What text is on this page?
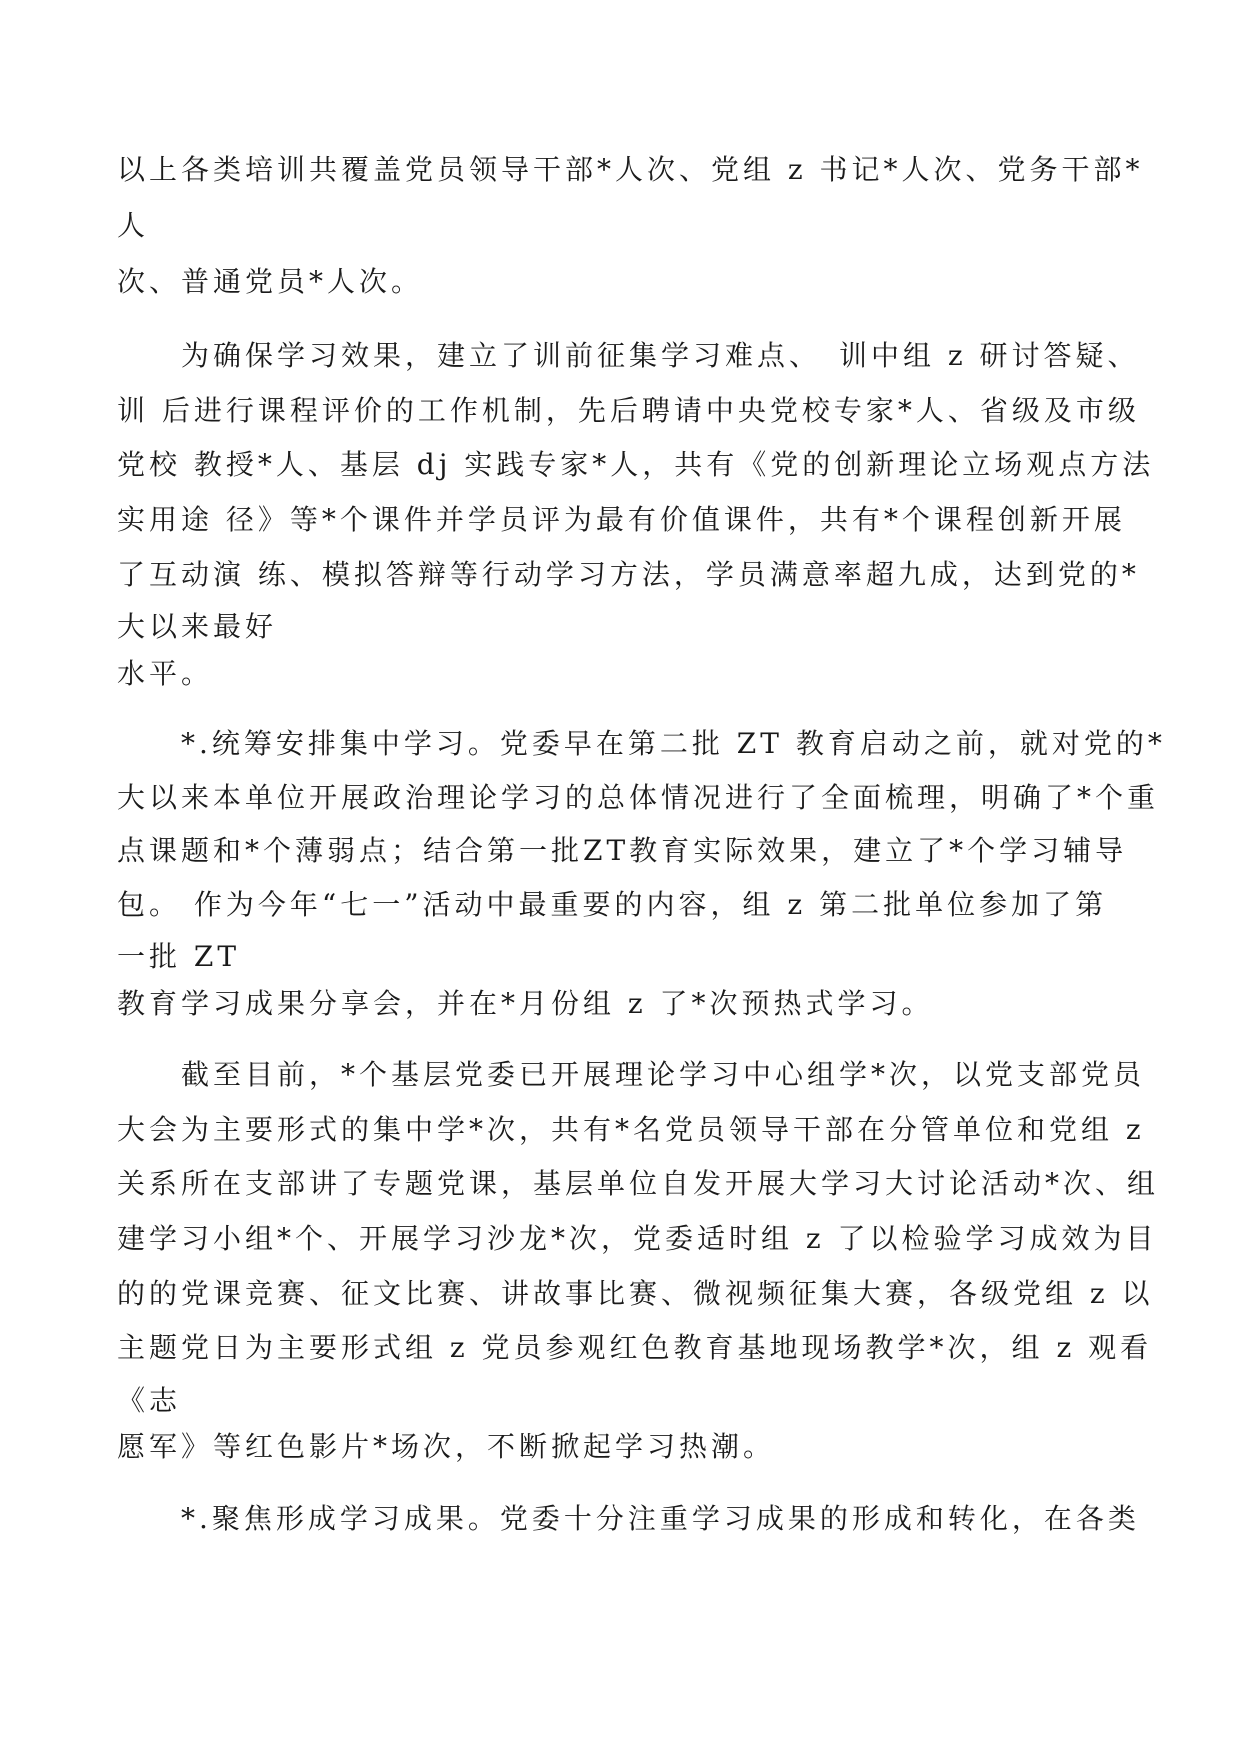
以上各类培训共覆盖党员领导干部*人次、党组 z 书记*人次、党务干部*
人
次、普通党员*人次。
　　为确保学习效果，建立了训前征集学习难点、　训中组 z 研讨答疑、
训 后进行课程评价的工作机制，先后聘请中央党校专家*人、省级及市级
党校 教授*人、基层 dj 实践专家*人，共有《党的创新理论立场观点方法
实用途 径》等*个课件并学员评为最有价值课件，共有*个课程创新开展
了互动演 练、模拟答辩等行动学习方法，学员满意率超九成，达到党的*
大以来最好
水平。
　　*.统筹安排集中学习。党委早在第二批 ZT 教育启动之前，就对党的*
大以来本单位开展政治理论学习的总体情况进行了全面梳理，明确了*个重
点课题和*个薄弱点；结合第一批ZT教育实际效果，建立了*个学习辅导
包。 作为今年“七一”活动中最重要的内容，组 z 第二批单位参加了第
一批 ZT
教育学习成果分享会，并在*月份组 z 了*次预热式学习。
　　截至目前，*个基层党委已开展理论学习中心组学*次，以党支部党员
大会为主要形式的集中学*次，共有*名党员领导干部在分管单位和党组 z
关系所在支部讲了专题党课，基层单位自发开展大学习大讨论活动*次、组
建学习小组*个、开展学习沙龙*次，党委适时组 z 了以检验学习成效为目
的的党课竞赛、征文比赛、讲故事比赛、微视频征集大赛，各级党组 z 以
主题党日为主要形式组 z 党员参观红色教育基地现场教学*次，组 z 观看
《志
愿军》等红色影片*场次，不断掀起学习热潮。
　　*.聚焦形成学习成果。党委十分注重学习成果的形成和转化，在各类
